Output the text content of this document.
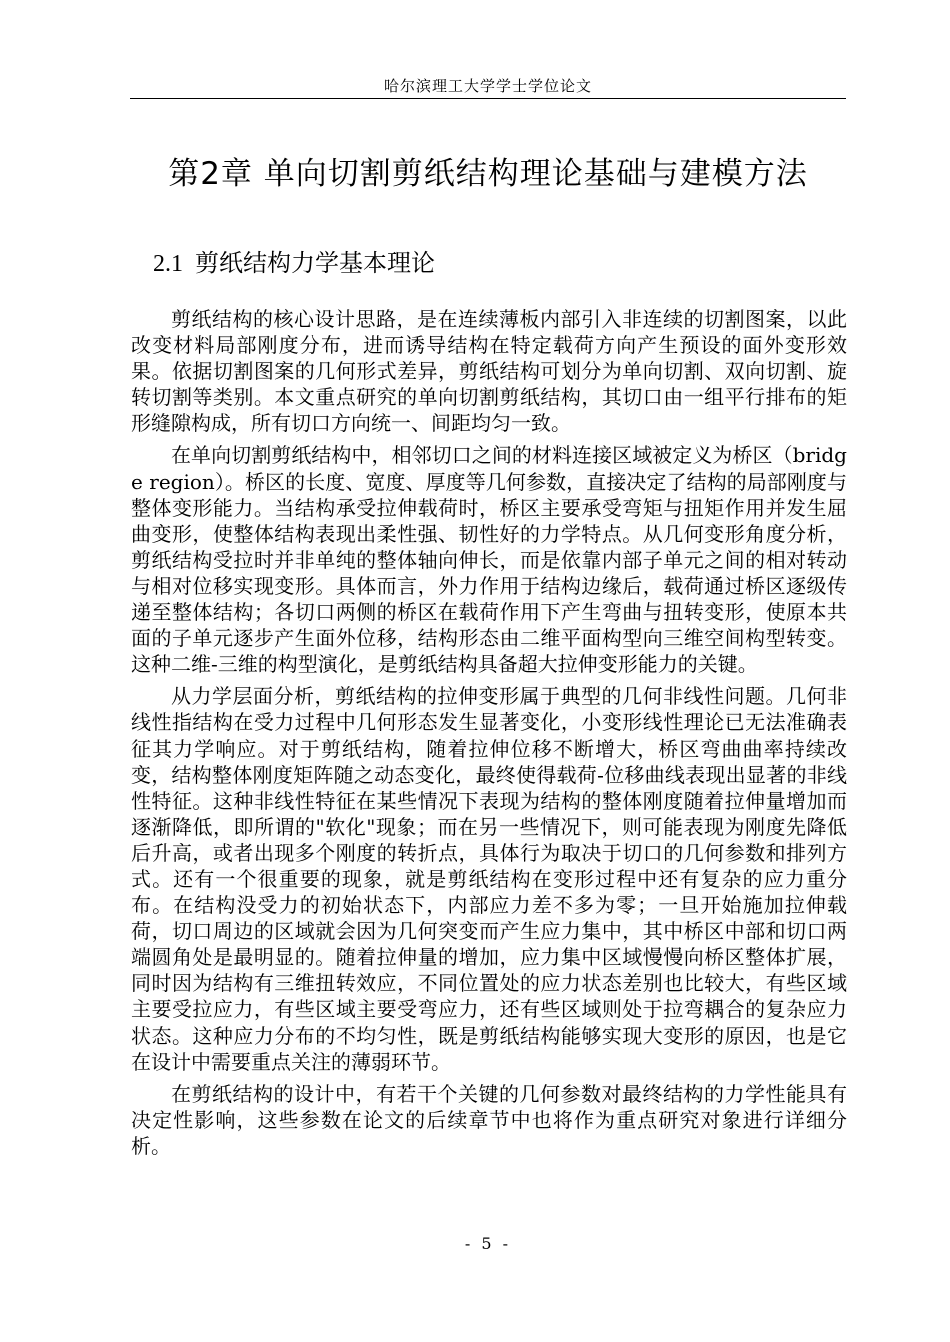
哈尔滨理工大学学士学位论文
第2章 单向切割剪纸结构理论基础与建模方法
2.1 剪纸结构力学基本理论

剪纸结构的核心设计思路，是在连续薄板内部引入非连续的切割图案，以此改变材料局部刚度分布，进而诱导结构在特定载荷方向产生预设的面外变形效果。依据切割图案的几何形式差异，剪纸结构可划分为单向切割、双向切割、旋转切割等类别。本文重点研究的单向切割剪纸结构，其切口由一组平行排布的矩形缝隙构成，所有切口方向统一、间距均匀一致。

在单向切割剪纸结构中，相邻切口之间的材料连接区域被定义为桥区（bridge region）。桥区的长度、宽度、厚度等几何参数，直接决定了结构的局部刚度与整体变形能力。当结构承受拉伸载荷时，桥区主要承受弯矩与扭矩作用并发生屈曲变形，使整体结构表现出柔性强、韧性好的力学特点。从几何变形角度分析，剪纸结构受拉时并非单纯的整体轴向伸长，而是依靠内部子单元之间的相对转动与相对位移实现变形。具体而言，外力作用于结构边缘后，载荷通过桥区逐级传递至整体结构；各切口两侧的桥区在载荷作用下产生弯曲与扭转变形，使原本共面的子单元逐步产生面外位移，结构形态由二维平面构型向三维空间构型转变。这种二维-三维的构型演化，是剪纸结构具备超大拉伸变形能力的关键。

从力学层面分析，剪纸结构的拉伸变形属于典型的几何非线性问题。几何非线性指结构在受力过程中几何形态发生显著变化，小变形线性理论已无法准确表征其力学响应。对于剪纸结构，随着拉伸位移不断增大，桥区弯曲曲率持续改变，结构整体刚度矩阵随之动态变化，最终使得载荷-位移曲线表现出显著的非线性特征。这种非线性特征在某些情况下表现为结构的整体刚度随着拉伸量增加而逐渐降低，即所谓的"软化"现象；而在另一些情况下，则可能表现为刚度先降低后升高，或者出现多个刚度的转折点，具体行为取决于切口的几何参数和排列方式。还有一个很重要的现象，就是剪纸结构在变形过程中还有复杂的应力重分布。在结构没受力的初始状态下，内部应力差不多为零；一旦开始施加拉伸载荷，切口周边的区域就会因为几何突变而产生应力集中，其中桥区中部和切口两端圆角处是最明显的。随着拉伸量的增加，应力集中区域慢慢向桥区整体扩展，同时因为结构有三维扭转效应，不同位置处的应力状态差别也比较大，有些区域主要受拉应力，有些区域主要受弯应力，还有些区域则处于拉弯耦合的复杂应力状态。这种应力分布的不均匀性，既是剪纸结构能够实现大变形的原因，也是它在设计中需要重点关注的薄弱环节。

在剪纸结构的设计中，有若干个关键的几何参数对最终结构的力学性能具有决定性影响，这些参数在论文的后续章节中也将作为重点研究对象进行详细分析。

- 5 -
